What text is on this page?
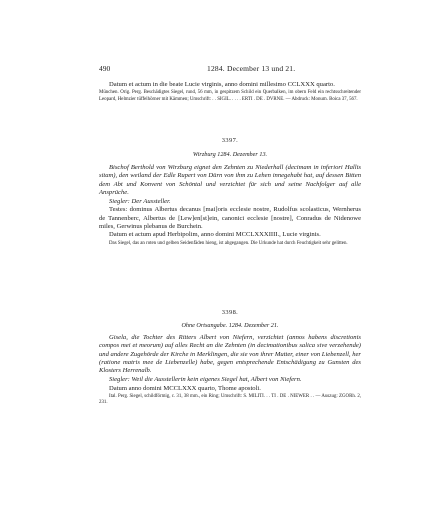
490	1284. December 13 und 21.

Datum et actum in die beate Lucie virginis, anno domini millesimo CCLXXX quarto.

München. Orig. Perg. Beschädigtes Siegel, rund, 56 mm, in gespitzem Schild ein Querbalken, im obern Feld ein rechtsschreitender Leopard, Helmzier tüffelhörner mit Kämmen; Umschrift: . . SIGIL. . . . . ERTI . DE . DVRNE. — Abdruck: Monum. Boica 37, 567.

3397.

Wirzburg 1284. Dezember 13.

Bischof Berthold von Wirzburg eignet den Zehnten zu Niederhall (decimam in inferiori Hallis sitam), den weiland der Edle Rupert von Dürn von ihm zu Lehen innegehabt hat, auf dessen Bitten dem Abt und Konvent von Schöntal und verzichtet für sich und seine Nachfolger auf alle Ansprüche.

Siegler: Der Aussteller.

Testes: dominus Albertus decanus [mai]oris ecclesie nostre, Rudolfus scolasticus, Wernherus de Tannenberc, Albertus de [Lew]en[st]ein, canonici ecclesie [nostre], Conradus de Nidenowe miles, Gerwinus plebanus de Burchein.

Datum et actum apud Herbipolim, anno domini MCCLXXXIIII., Lucie virginis.

Das Siegel, das an roten und gelben Seidenfäden hieng, ist abgegangen. Die Urkunde hat durch Feuchtigkeit sehr gelitten.

3398.

Ohne Ortsangabe. 1284. Dezember 21.

Gisela, die Tochter des Ritters Albert von Niefern, verzichtet (annos habens discretionis compos mei et meorum) auf alles Recht an die Zehnten (in decimationibus salica sive verzehende) und andere Zugehörde der Kirche in Merklingen, die sie von ihrer Mutter, einer von Liebenzell, her (ratione matris mee de Liebenzelle) habe, gegen entsprechende Entschädigung zu Gunsten des Klosters Herrenalb.

Siegler: Weil die Ausstellerin kein eigenes Siegel hat, Albert von Niefern.

Datum anno domini MCCLXXX quarto, Thome apostoli.

Ital. Perg. Siegel, schildförmig, c. 31, 38 mm., ein Ring; Umschrift: S. MILITI. . . TI . DE . NIEWER . . — Auszug: ZGORh. 2, 231.
